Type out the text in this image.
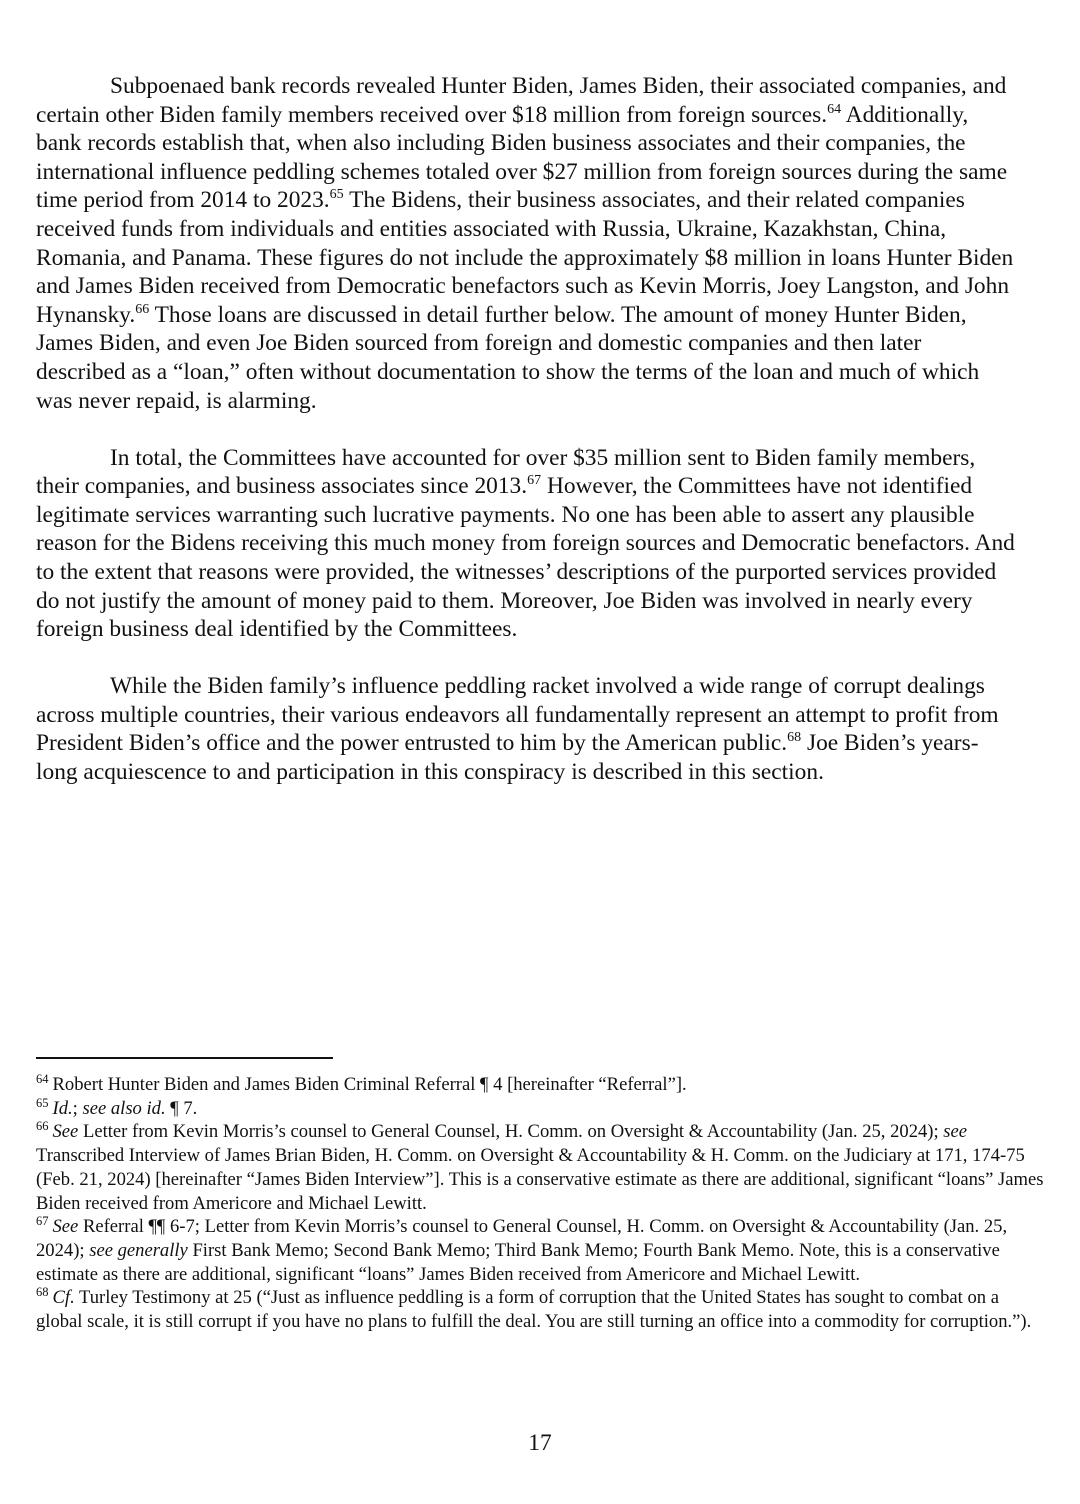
Subpoenaed bank records revealed Hunter Biden, James Biden, their associated companies, and certain other Biden family members received over $18 million from foreign sources.$^{64}$ Additionally, bank records establish that, when also including Biden business associates and their companies, the international influence peddling schemes totaled over $27 million from foreign sources during the same time period from 2014 to 2023.65 The Bidens, their business associates, and their related companies received funds from individuals and entities associated with Russia, Ukraine, Kazakhstan, China, Romania, and Panama. These figures do not include the approximately $8 million in loans Hunter Biden and James Biden received from Democratic benefactors such as Kevin Morris, Joey Langston, and John Hynansky.$^{66}$ Those loans are discussed in detail further below. The amount of money Hunter Biden, James Biden, and even Joe Biden sourced from foreign and domestic companies and then later described as a “loan,” often without documentation to show the terms of the loan and much of which was never repaid, is alarming.

In total, the Committees have accounted for over $35 million sent to Biden family members, their companies, and business associates since 2013.67 However, the Committees have not identified legitimate services warranting such lucrative payments. No one has been able to assert any plausible reason for the Bidens receiving this much money from foreign sources and Democratic benefactors. And to the extent that reasons were provided, the witnesses’ descriptions of the purported services provided do not justify the amount of money paid to them. Moreover, Joe Biden was involved in nearly every foreign business deal identified by the Committees.

While the Biden family’s influence peddling racket involved a wide range of corrupt dealings across multiple countries, their various endeavors all fundamentally represent an attempt to profit from President Biden’s office and the power entrusted to him by the American public.$^{68}$ Joe Biden’s years-long acquiescence to and participation in this conspiracy is described in this section.

$^{64}$ Robert Hunter Biden and James Biden Criminal Referral ¶ 4 [hereinafter “Referral”].

$^{65}$ Id.; see also id. ¶ 7.

$^{66}$ See Letter from Kevin Morris’s counsel to General Counsel, H. Comm. on Oversight & Accountability (Jan. 25, 2024); see Transcribed Interview of James Brian Biden, H. Comm. on Oversight & Accountability & H. Comm. on the Judiciary at 171, 174-75 (Feb. 21, 2024) [hereinafter “James Biden Interview”]. This is a conservative estimate as there are additional, significant “loans” James Biden received from Americore and Michael Lewitt.

$^{67}$ See Referral ¶¶ 6-7; Letter from Kevin Morris’s counsel to General Counsel, H. Comm. on Oversight & Accountability (Jan. 25, 2024); see generally First Bank Memo; Second Bank Memo; Third Bank Memo; Fourth Bank Memo. Note, this is a conservative estimate as there are additional, significant “loans” James Biden received from Americore and Michael Lewitt.

$^{68}$ Cf. Turley Testimony at 25 (“Just as influence peddling is a form of corruption that the United States has sought to combat on a global scale, it is still corrupt if you have no plans to fulfill the deal. You are still turning an office into a commodity for corruption.”).

17
